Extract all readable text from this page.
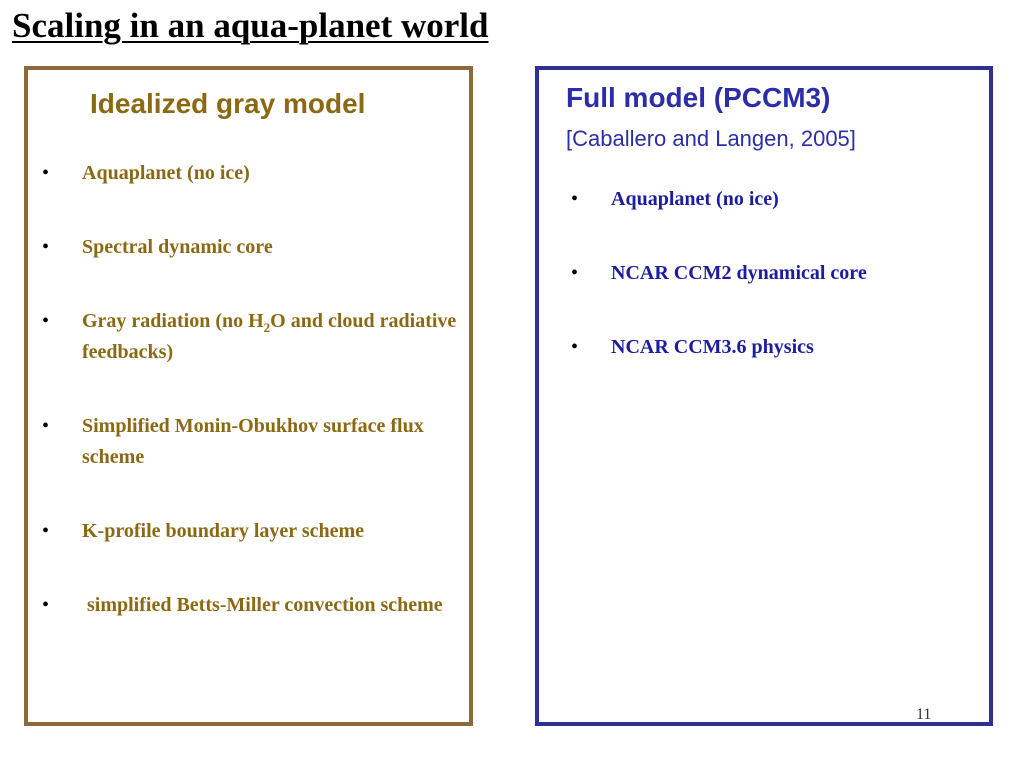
Scaling in an aqua-planet world
Idealized gray model
• Aquaplanet (no ice)
• Spectral dynamic core
• Gray radiation (no $H_2O$ and cloud radiative feedbacks)
• Simplified Monin-Obukhov surface flux scheme
• K-profile boundary layer scheme
• simplified Betts-Miller convection scheme
Full model (PCCM3)
[Caballero and Langen, 2005]
• Aquaplanet (no ice)
• NCAR CCM2 dynamical core
• NCAR CCM3.6 physics
11
